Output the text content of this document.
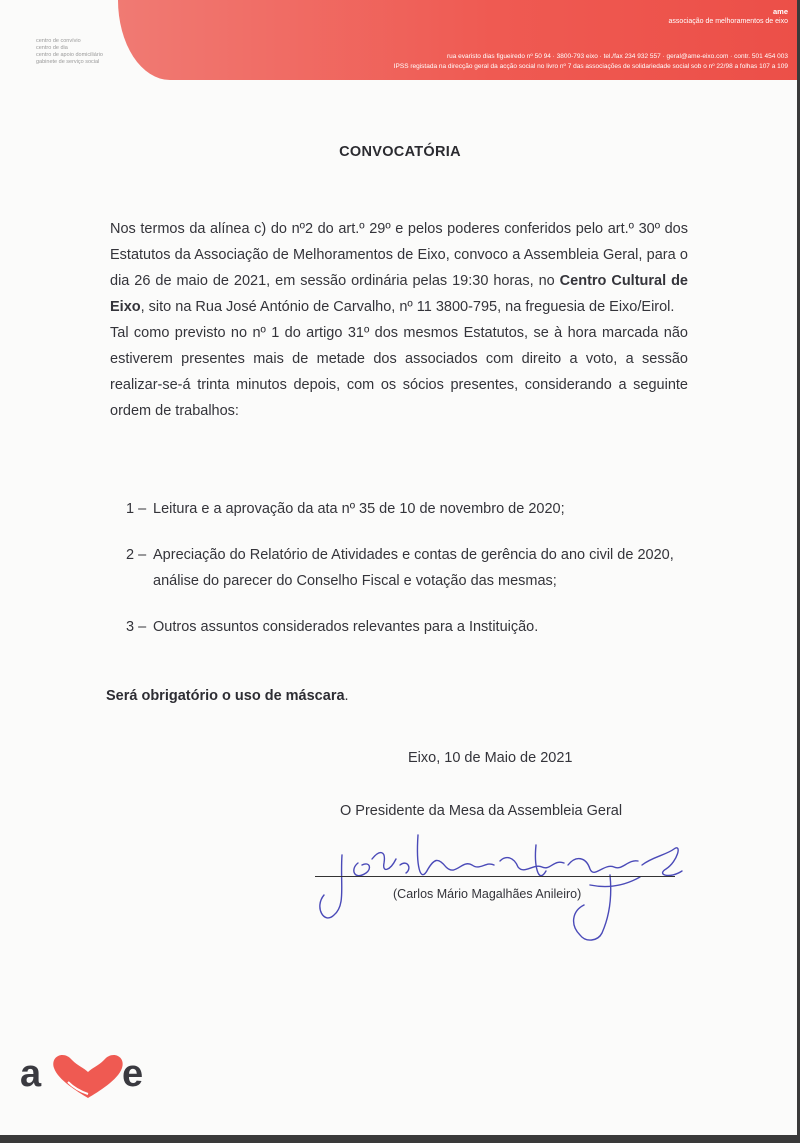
centro de convívio
centro de dia
centro de apoio domiciliário
gabinete de serviço social
ame
associação de melhoramentos de eixo
rua evaristo dias figueiredo nº 50 94 · 3800-793 eixo · tel./fax 234 932 557 · geral@ame-eixo.com · contr. 501 454 003
IPSS registada na direcção geral da acção social no livro nº 7 das associações de solidariedade social sob o nº 22/98 a folhas 107 a 109
CONVOCATÓRIA

Nos termos da alínea c) do nº2 do art.º 29º e pelos poderes conferidos pelo art.º 30º dos Estatutos da Associação de Melhoramentos de Eixo, convoco a Assembleia Geral, para o dia 26 de maio de 2021, em sessão ordinária pelas 19:30 horas, no Centro Cultural de Eixo, sito na Rua José António de Carvalho, nº 11 3800-795, na freguesia de Eixo/Eirol.

Tal como previsto no nº 1 do artigo 31º dos mesmos Estatutos, se à hora marcada não estiverem presentes mais de metade dos associados com direito a voto, a sessão realizar-se-á trinta minutos depois, com os sócios presentes, considerando a seguinte ordem de trabalhos:

1 – Leitura e a aprovação da ata nº 35 de 10 de novembro de 2020;
2 – Apreciação do Relatório de Atividades e contas de gerência do ano civil de 2020, análise do parecer do Conselho Fiscal e votação das mesmas;
3 – Outros assuntos considerados relevantes para a Instituição.
Será obrigatório o uso de máscara.
Eixo, 10 de Maio de 2021
O Presidente da Mesa da Assembleia Geral
(Carlos Mário Magalhães Anileiro)
a e
